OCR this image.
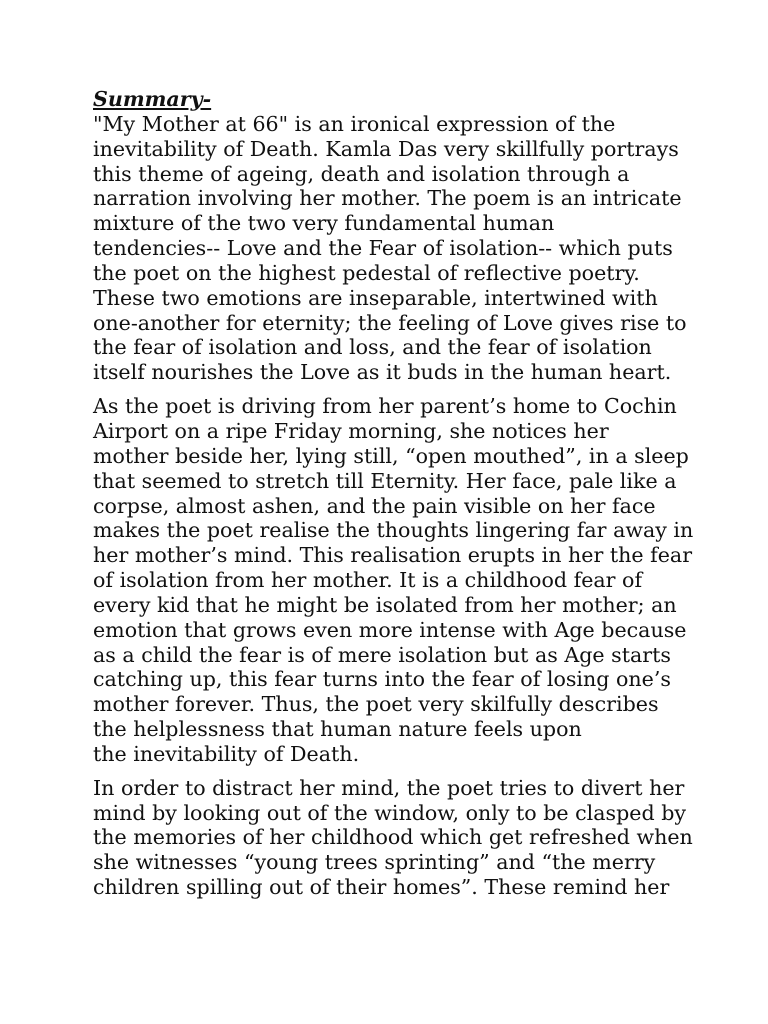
Summary-

"My Mother at 66" is an ironical expression of the
inevitability of Death. Kamla Das very skillfully portrays
this theme of ageing, death and isolation through a
narration involving her mother. The poem is an intricate
mixture of the two very fundamental human
tendencies-- Love and the Fear of isolation-- which puts
the poet on the highest pedestal of reflective poetry.
These two emotions are inseparable, intertwined with
one-another for eternity; the feeling of Love gives rise to
the fear of isolation and loss, and the fear of isolation
itself nourishes the Love as it buds in the human heart.

As the poet is driving from her parent’s home to Cochin
Airport on a ripe Friday morning, she notices her
mother beside her, lying still, “open mouthed”, in a sleep
that seemed to stretch till Eternity. Her face, pale like a
corpse, almost ashen, and the pain visible on her face
makes the poet realise the thoughts lingering far away in
her mother’s mind. This realisation erupts in her the fear
of isolation from her mother. It is a childhood fear of
every kid that he might be isolated from her mother; an
emotion that grows even more intense with Age because
as a child the fear is of mere isolation but as Age starts
catching up, this fear turns into the fear of losing one’s
mother forever. Thus, the poet very skilfully describes
the helplessness that human nature feels upon
the inevitability of Death.

In order to distract her mind, the poet tries to divert her
mind by looking out of the window, only to be clasped by
the memories of her childhood which get refreshed when
she witnesses “young trees sprinting” and “the merry
children spilling out of their homes”. These remind her
